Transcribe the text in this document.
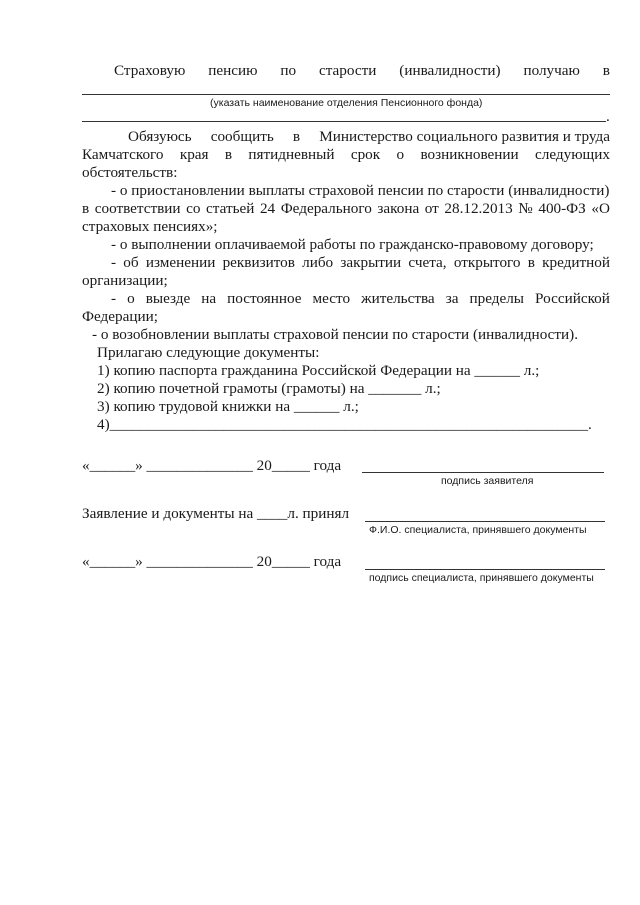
Страховую пенсию по старости (инвалидности) получаю в
(указать наименование отделения Пенсионного фонда)
.
Обязуюсь сообщить в Министерство социального развития и труда
Камчатского края в пятидневный срок о возникновении следующих
обстоятельств:
- о приостановлении выплаты страховой пенсии по старости (инвалидности)
в соответствии со статьей 24 Федерального закона от 28.12.2013 № 400-ФЗ «О
страховых пенсиях»;
- о выполнении оплачиваемой работы по гражданско-правовому договору;
- об изменении реквизитов либо закрытии счета, открытого в кредитной
организации;
- о выезде на постоянное место жительства за пределы Российской
Федерации;
- о возобновлении выплаты страховой пенсии по старости (инвалидности).
Прилагаю следующие документы:
1) копию паспорта гражданина Российской Федерации на ______ л.;
2) копию почетной грамоты (грамоты) на _______ л.;
3) копию трудовой книжки на ______ л.;
4)_______________________________________________________________.
«______» ______________ 20_____ года
подпись заявителя
Заявление и документы на ____л. принял
Ф.И.О. специалиста, принявшего документы
«______» ______________ 20_____ года
подпись специалиста, принявшего документы
